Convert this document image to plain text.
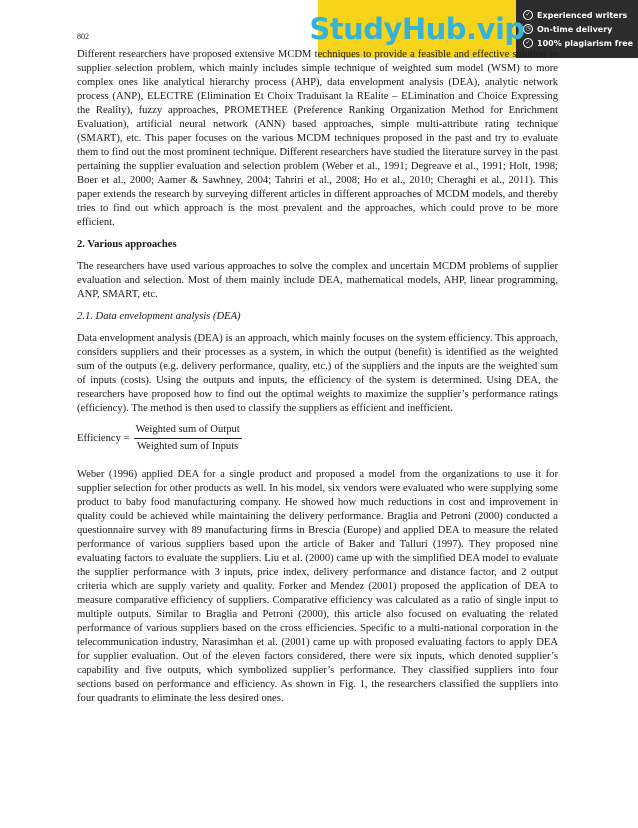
802	StudyHub.vip ✓ Experienced writers
◷ On-time delivery
✓ 100% plagiarism free

Different researchers have proposed extensive MCDM techniques to provide a feasible and effective solution to supplier selection problem, which mainly includes simple technique of weighted sum model (WSM) to more complex ones like analytical hierarchy process (AHP), data envelopment analysis (DEA), analytic network process (ANP), ELECTRE (Elimination Et Choix Traduisant la REalite – ELimination and Choice Expressing the Reality), fuzzy approaches, PROMETHEE (Preference Ranking Organization Method for Enrichment Evaluation), artificial neural network (ANN) based approaches, simple multi-attribute rating technique (SMART), etc. This paper focuses on the various MCDM techniques proposed in the past and try to evaluate them to find out the most prominent technique. Different researchers have studied the literature survey in the past pertaining the supplier evaluation and selection problem (Weber et al., 1991; Degreave et al., 1991; Holt, 1998; Boer et al., 2000; Aamer & Sawhney, 2004; Tahriri et al., 2008; Ho et al., 2010; Cheraghi et al., 2011). This paper extends the research by surveying different articles in different approaches of MCDM models, and thereby tries to find out which approach is the most prevalent and the approaches, which could prove to be more efficient.

2. Various approaches

The researchers have used various approaches to solve the complex and uncertain MCDM problems of supplier evaluation and selection. Most of them mainly include DEA, mathematical models, AHP, linear programming, ANP, SMART, etc.

2.1. Data envelopment analysis (DEA)

Data envelopment analysis (DEA) is an approach, which mainly focuses on the system efficiency. This approach, considers suppliers and their processes as a system, in which the output (benefit) is identified as the weighted sum of the outputs (e.g. delivery performance, quality, etc.) of the suppliers and the inputs are the weighted sum of inputs (costs). Using the outputs and inputs, the efficiency of the system is determined. Using DEA, the researchers have proposed how to find out the optimal weights to maximize the supplier’s performance ratings (efficiency). The method is then used to classify the suppliers as efficient and inefficient.

Efficiency = $\frac{\text{Weighted sum of Output}}{\text{Weighted sum of Inputs}}$

Weber (1996) applied DEA for a single product and proposed a model from the organizations to use it for supplier selection for other products as well. In his model, six vendors were evaluated who were supplying some product to baby food manufacturing company. He showed how much reductions in cost and improvement in quality could be achieved while maintaining the delivery performance. Braglia and Petroni (2000) conducted a questionnaire survey with 89 manufacturing firms in Brescia (Europe) and applied DEA to measure the related performance of various suppliers based upon the article of Baker and Talluri (1997). They proposed nine evaluating factors to evaluate the suppliers. Liu et al. (2000) came up with the simplified DEA model to evaluate the supplier performance with 3 inputs, price index, delivery performance and distance factor, and 2 output criteria which are supply variety and quality. Forker and Mendez (2001) proposed the application of DEA to measure comparative efficiency of suppliers. Comparative efficiency was calculated as a ratio of single input to multiple outputs. Similar to Braglia and Petroni (2000), this article also focused on evaluating the related performance of various suppliers based on the cross efficiencies. Specific to a multi-national corporation in the telecommunication industry, Narasimhan et al. (2001) came up with proposed evaluating factors to apply DEA for supplier evaluation. Out of the eleven factors considered, there were six inputs, which denoted supplier’s capability and five outputs, which symbolized supplier’s performance. They classified suppliers into four sections based on performance and efficiency. As shown in Fig. 1, the researchers classified the suppliers into four quadrants to eliminate the less desired ones.
